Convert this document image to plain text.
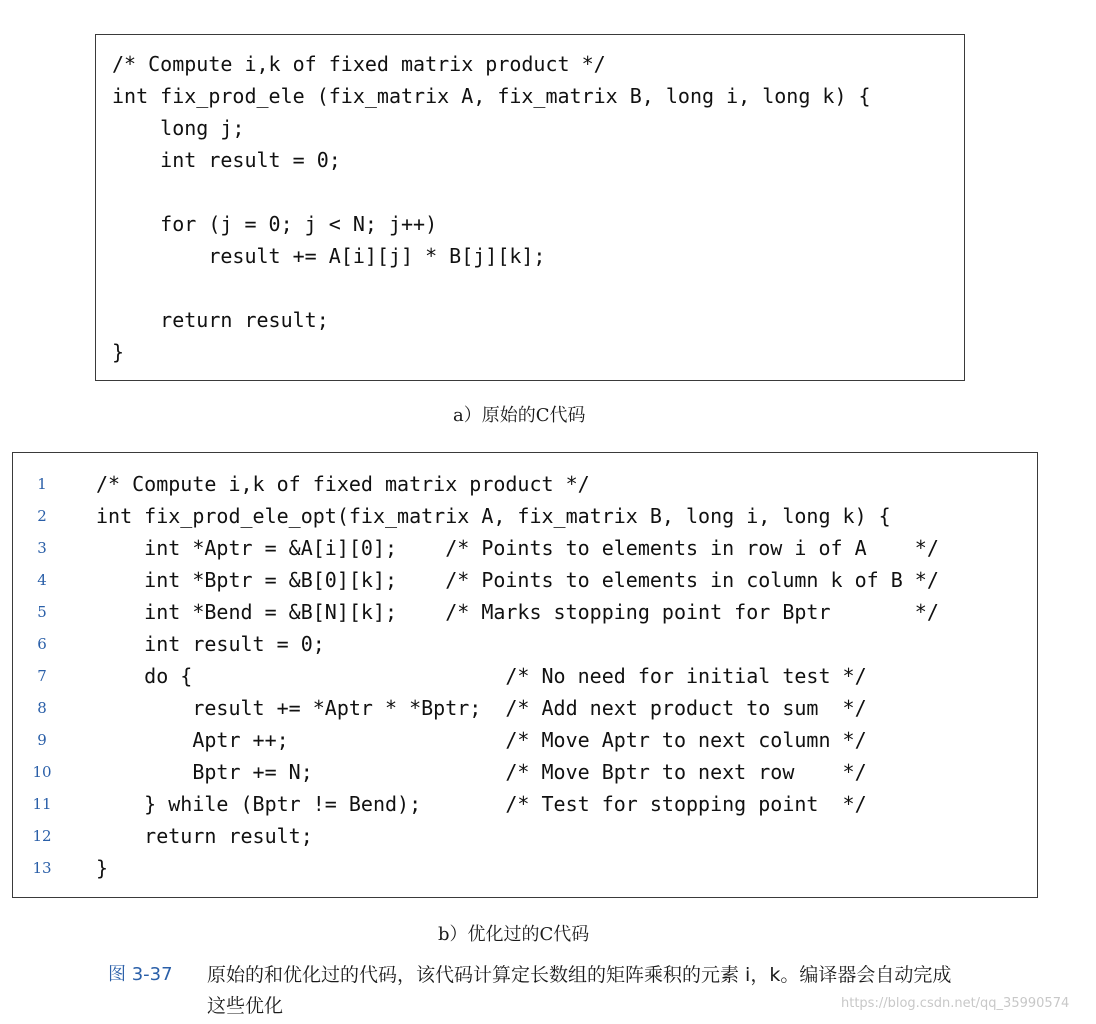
/* Compute i,k of fixed matrix product */
int fix_prod_ele (fix_matrix A, fix_matrix B, long i, long k) {
long j;
int result = 0;

for (j = 0; j < N; j++)
result += A[i][j] * B[j][k];

return result;
}
a）原始的C代码
1
2
3
4
5
6
7
8
9
10
11
12
13
/* Compute i,k of fixed matrix product */
int fix_prod_ele_opt(fix_matrix A, fix_matrix B, long i, long k) {
int *Aptr = &A[i][0];    /* Points to elements in row i of A    */
int *Bptr = &B[0][k];    /* Points to elements in column k of B */
int *Bend = &B[N][k];    /* Marks stopping point for Bptr       */
int result = 0;
do {                          /* No need for initial test */
result += *Aptr * *Bptr;  /* Add next product to sum  */
Aptr ++;                  /* Move Aptr to next column */
Bptr += N;                /* Move Bptr to next row    */
} while (Bptr != Bend);       /* Test for stopping point  */
return result;
}
b）优化过的C代码
图 3-37 原始的和优化过的代码，该代码计算定长数组的矩阵乘积的元素 i，k。编译器会自动完成这些优化	https://blog.csdn.net/qq_35990574
